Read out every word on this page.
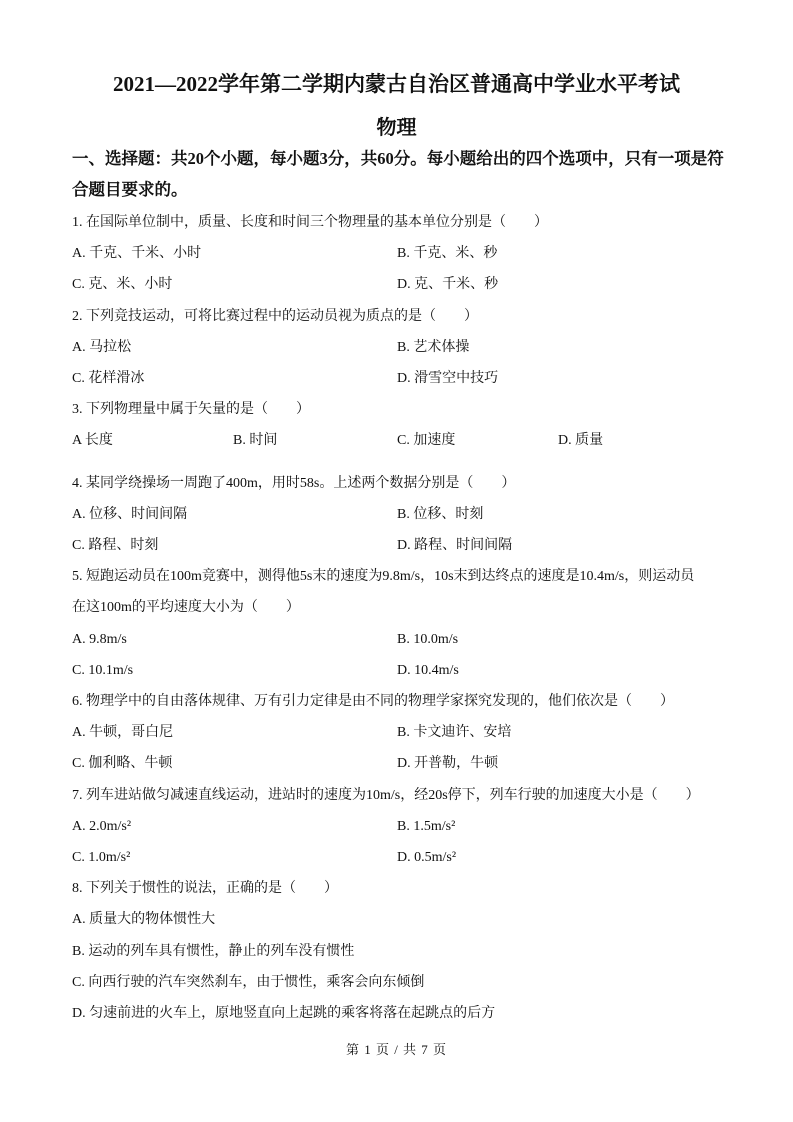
2021—2022学年第二学期内蒙古自治区普通高中学业水平考试
物理
一、选择题：共20个小题，每小题3分，共60分。每小题给出的四个选项中，只有一项是符合题目要求的。
1. 在国际单位制中，质量、长度和时间三个物理量的基本单位分别是（　　）
A. 千克、千米、小时	B. 千克、米、秒
C. 克、米、小时	D. 克、千米、秒
2. 下列竞技运动，可将比赛过程中的运动员视为质点的是（　　）
A. 马拉松	B. 艺术体操
C. 花样滑冰	D. 滑雪空中技巧
3. 下列物理量中属于矢量的是（　　）
A 长度	B. 时间	C. 加速度	D. 质量
4. 某同学绕操场一周跑了400m，用时58s。上述两个数据分别是（　　）
A. 位移、时间间隔	B. 位移、时刻
C. 路程、时刻	D. 路程、时间间隔
5. 短跑运动员在100m竞赛中，测得他5s末的速度为9.8m/s，10s末到达终点的速度是10.4m/s，则运动员
在这100m的平均速度大小为（　　）
A. 9.8m/s	B. 10.0m/s
C. 10.1m/s	D. 10.4m/s
6. 物理学中的自由落体规律、万有引力定律是由不同的物理学家探究发现的，他们依次是（　　）
A. 牛顿，哥白尼	B. 卡文迪许、安培
C. 伽利略、牛顿	D. 开普勒，牛顿
7. 列车进站做匀减速直线运动，进站时的速度为10m/s，经20s停下，列车行驶的加速度大小是（　　）
A. 2.0m/s²	B. 1.5m/s²
C. 1.0m/s²	D. 0.5m/s²
8. 下列关于惯性的说法，正确的是（　　）
A. 质量大的物体惯性大
B. 运动的列车具有惯性，静止的列车没有惯性
C. 向西行驶的汽车突然刹车，由于惯性，乘客会向东倾倒
D. 匀速前进的火车上，原地竖直向上起跳的乘客将落在起跳点的后方
第 1 页 / 共 7 页
